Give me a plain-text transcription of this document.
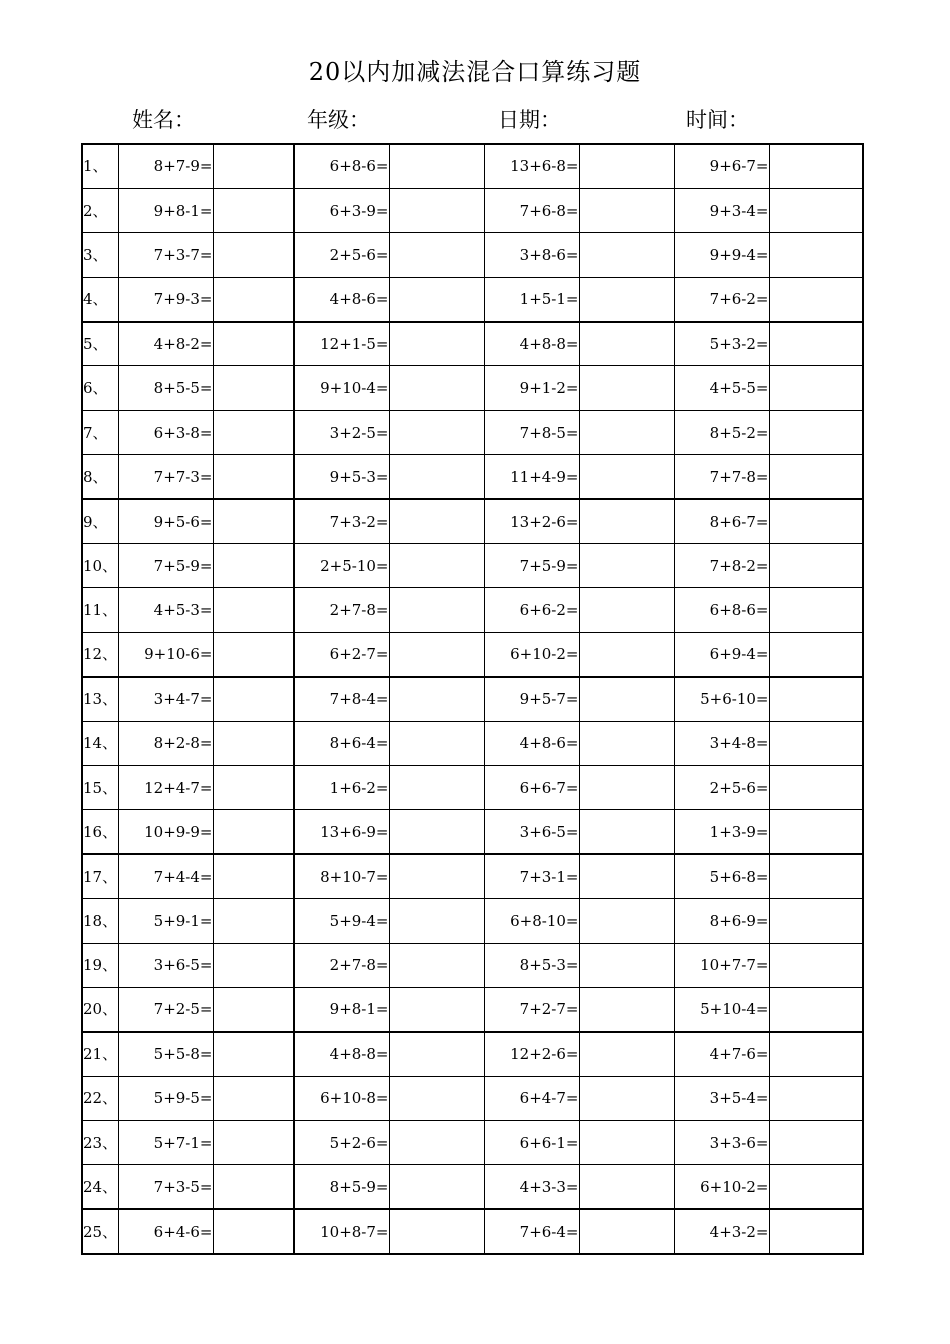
20以内加减法混合口算练习题
姓名：	年级：	日期：	时间：
1、	8+7-9=		6+8-6=		13+6-8=		9+6-7=	
2、	9+8-1=		6+3-9=		7+6-8=		9+3-4=	
3、	7+3-7=		2+5-6=		3+8-6=		9+9-4=	
4、	7+9-3=		4+8-6=		1+5-1=		7+6-2=	
5、	4+8-2=		12+1-5=		4+8-8=		5+3-2=	
6、	8+5-5=		9+10-4=		9+1-2=		4+5-5=	
7、	6+3-8=		3+2-5=		7+8-5=		8+5-2=	
8、	7+7-3=		9+5-3=		11+4-9=		7+7-8=	
9、	9+5-6=		7+3-2=		13+2-6=		8+6-7=	
10、	7+5-9=		2+5-10=		7+5-9=		7+8-2=	
11、	4+5-3=		2+7-8=		6+6-2=		6+8-6=	
12、	9+10-6=		6+2-7=		6+10-2=		6+9-4=	
13、	3+4-7=		7+8-4=		9+5-7=		5+6-10=	
14、	8+2-8=		8+6-4=		4+8-6=		3+4-8=	
15、	12+4-7=		1+6-2=		6+6-7=		2+5-6=	
16、	10+9-9=		13+6-9=		3+6-5=		1+3-9=	
17、	7+4-4=		8+10-7=		7+3-1=		5+6-8=	
18、	5+9-1=		5+9-4=		6+8-10=		8+6-9=	
19、	3+6-5=		2+7-8=		8+5-3=		10+7-7=	
20、	7+2-5=		9+8-1=		7+2-7=		5+10-4=	
21、	5+5-8=		4+8-8=		12+2-6=		4+7-6=	
22、	5+9-5=		6+10-8=		6+4-7=		3+5-4=	
23、	5+7-1=		5+2-6=		6+6-1=		3+3-6=	
24、	7+3-5=		8+5-9=		4+3-3=		6+10-2=	
25、	6+4-6=		10+8-7=		7+6-4=		4+3-2=	
